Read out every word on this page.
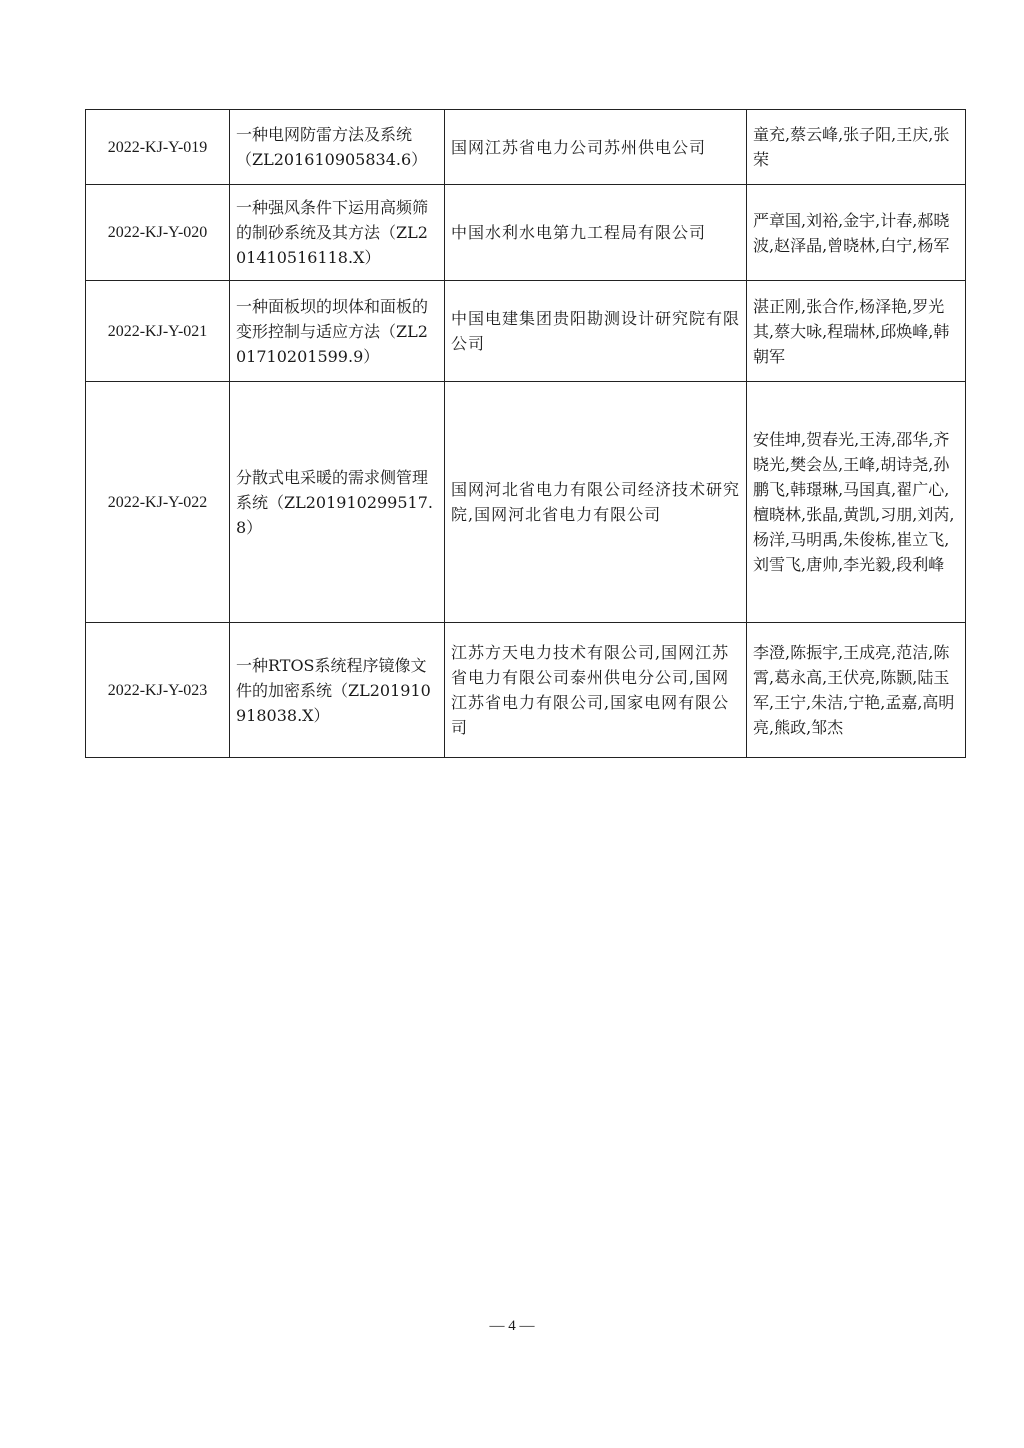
2022-KJ-Y-019	一种电网防雷方法及系统（ZL201610905834.6）	国网江苏省电力公司苏州供电公司	童充,蔡云峰,张子阳,王庆,张荣
2022-KJ-Y-020	一种强风条件下运用高频筛的制砂系统及其方法（ZL201410516118.X）	中国水利水电第九工程局有限公司	严章国,刘裕,金宇,计春,郝晓波,赵泽晶,曾晓林,白宁,杨军
2022-KJ-Y-021	一种面板坝的坝体和面板的变形控制与适应方法（ZL201710201599.9）	中国电建集团贵阳勘测设计研究院有限公司	湛正刚,张合作,杨泽艳,罗光其,蔡大咏,程瑞林,邱焕峰,韩朝军
2022-KJ-Y-022	分散式电采暖的需求侧管理系统（ZL201910299517.8）	国网河北省电力有限公司经济技术研究院,国网河北省电力有限公司	安佳坤,贺春光,王涛,邵华,齐晓光,樊会丛,王峰,胡诗尧,孙鹏飞,韩璟琳,马国真,翟广心,檀晓林,张晶,黄凯,习朋,刘芮,杨洋,马明禹,朱俊栋,崔立飞,刘雪飞,唐帅,李光毅,段利峰
2022-KJ-Y-023	一种RTOS系统程序镜像文件的加密系统（ZL201910918038.X）	江苏方天电力技术有限公司,国网江苏省电力有限公司泰州供电分公司,国网江苏省电力有限公司,国家电网有限公司	李澄,陈振宇,王成亮,范洁,陈霄,葛永高,王伏亮,陈颢,陆玉军,王宁,朱洁,宁艳,孟嘉,高明亮,熊政,邹杰
— 4 —
